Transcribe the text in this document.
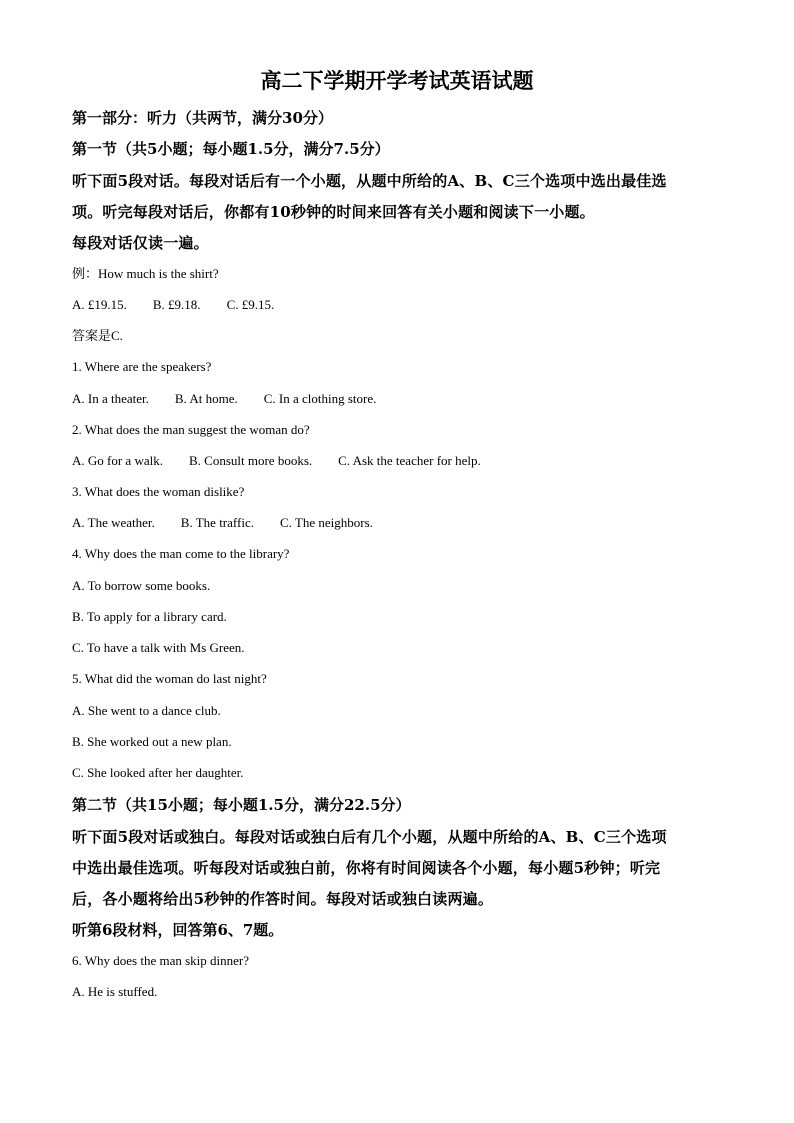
高二下学期开学考试英语试题
第一部分：听力（共两节，满分30分）
第一节（共5小题；每小题1.5分，满分7.5分）
听下面5段对话。每段对话后有一个小题，从题中所给的A、B、C三个选项中选出最佳选
项。听完每段对话后，你都有10秒钟的时间来回答有关小题和阅读下一小题。
每段对话仅读一遍。
例：How much is the shirt?
A. £19.15. B. £9.18. C. £9.15.
答案是C.
1. Where are the speakers?
A. In a theater. B. At home. C. In a clothing store.
2. What does the man suggest the woman do?
A. Go for a walk. B. Consult more books. C. Ask the teacher for help.
3. What does the woman dislike?
A. The weather. B. The traffic. C. The neighbors.
4. Why does the man come to the library?
A. To borrow some books.
B. To apply for a library card.
C. To have a talk with Ms Green.
5. What did the woman do last night?
A. She went to a dance club.
B. She worked out a new plan.
C. She looked after her daughter.
第二节（共15小题；每小题1.5分，满分22.5分）
听下面5段对话或独白。每段对话或独白后有几个小题，从题中所给的A、B、C三个选项
中选出最佳选项。听每段对话或独白前，你将有时间阅读各个小题，每小题5秒钟；听完
后，各小题将给出5秒钟的作答时间。每段对话或独白读两遍。
听第6段材料，回答第6、7题。
6. Why does the man skip dinner?
A. He is stuffed.
